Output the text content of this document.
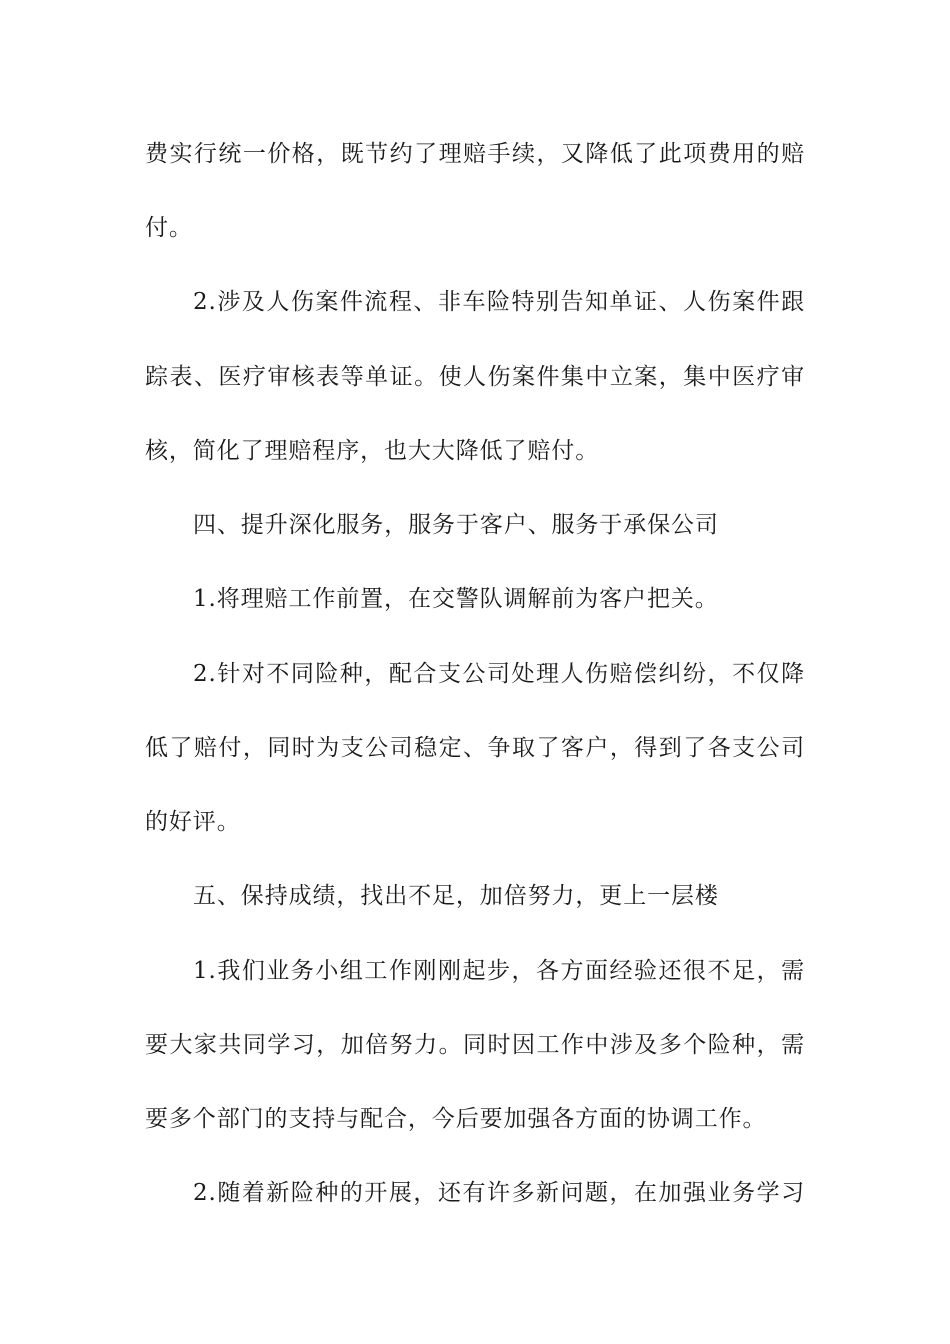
费实行统一价格，既节约了理赔手续，又降低了此项费用的赔
付。
2.涉及人伤案件流程、非车险特别告知单证、人伤案件跟
踪表、医疗审核表等单证。使人伤案件集中立案，集中医疗审
核，简化了理赔程序，也大大降低了赔付。
四、提升深化服务，服务于客户、服务于承保公司
1.将理赔工作前置，在交警队调解前为客户把关。
2.针对不同险种，配合支公司处理人伤赔偿纠纷，不仅降
低了赔付，同时为支公司稳定、争取了客户，得到了各支公司
的好评。
五、保持成绩，找出不足，加倍努力，更上一层楼
1.我们业务小组工作刚刚起步，各方面经验还很不足，需
要大家共同学习，加倍努力。同时因工作中涉及多个险种，需
要多个部门的支持与配合，今后要加强各方面的协调工作。
2.随着新险种的开展，还有许多新问题，在加强业务学习
